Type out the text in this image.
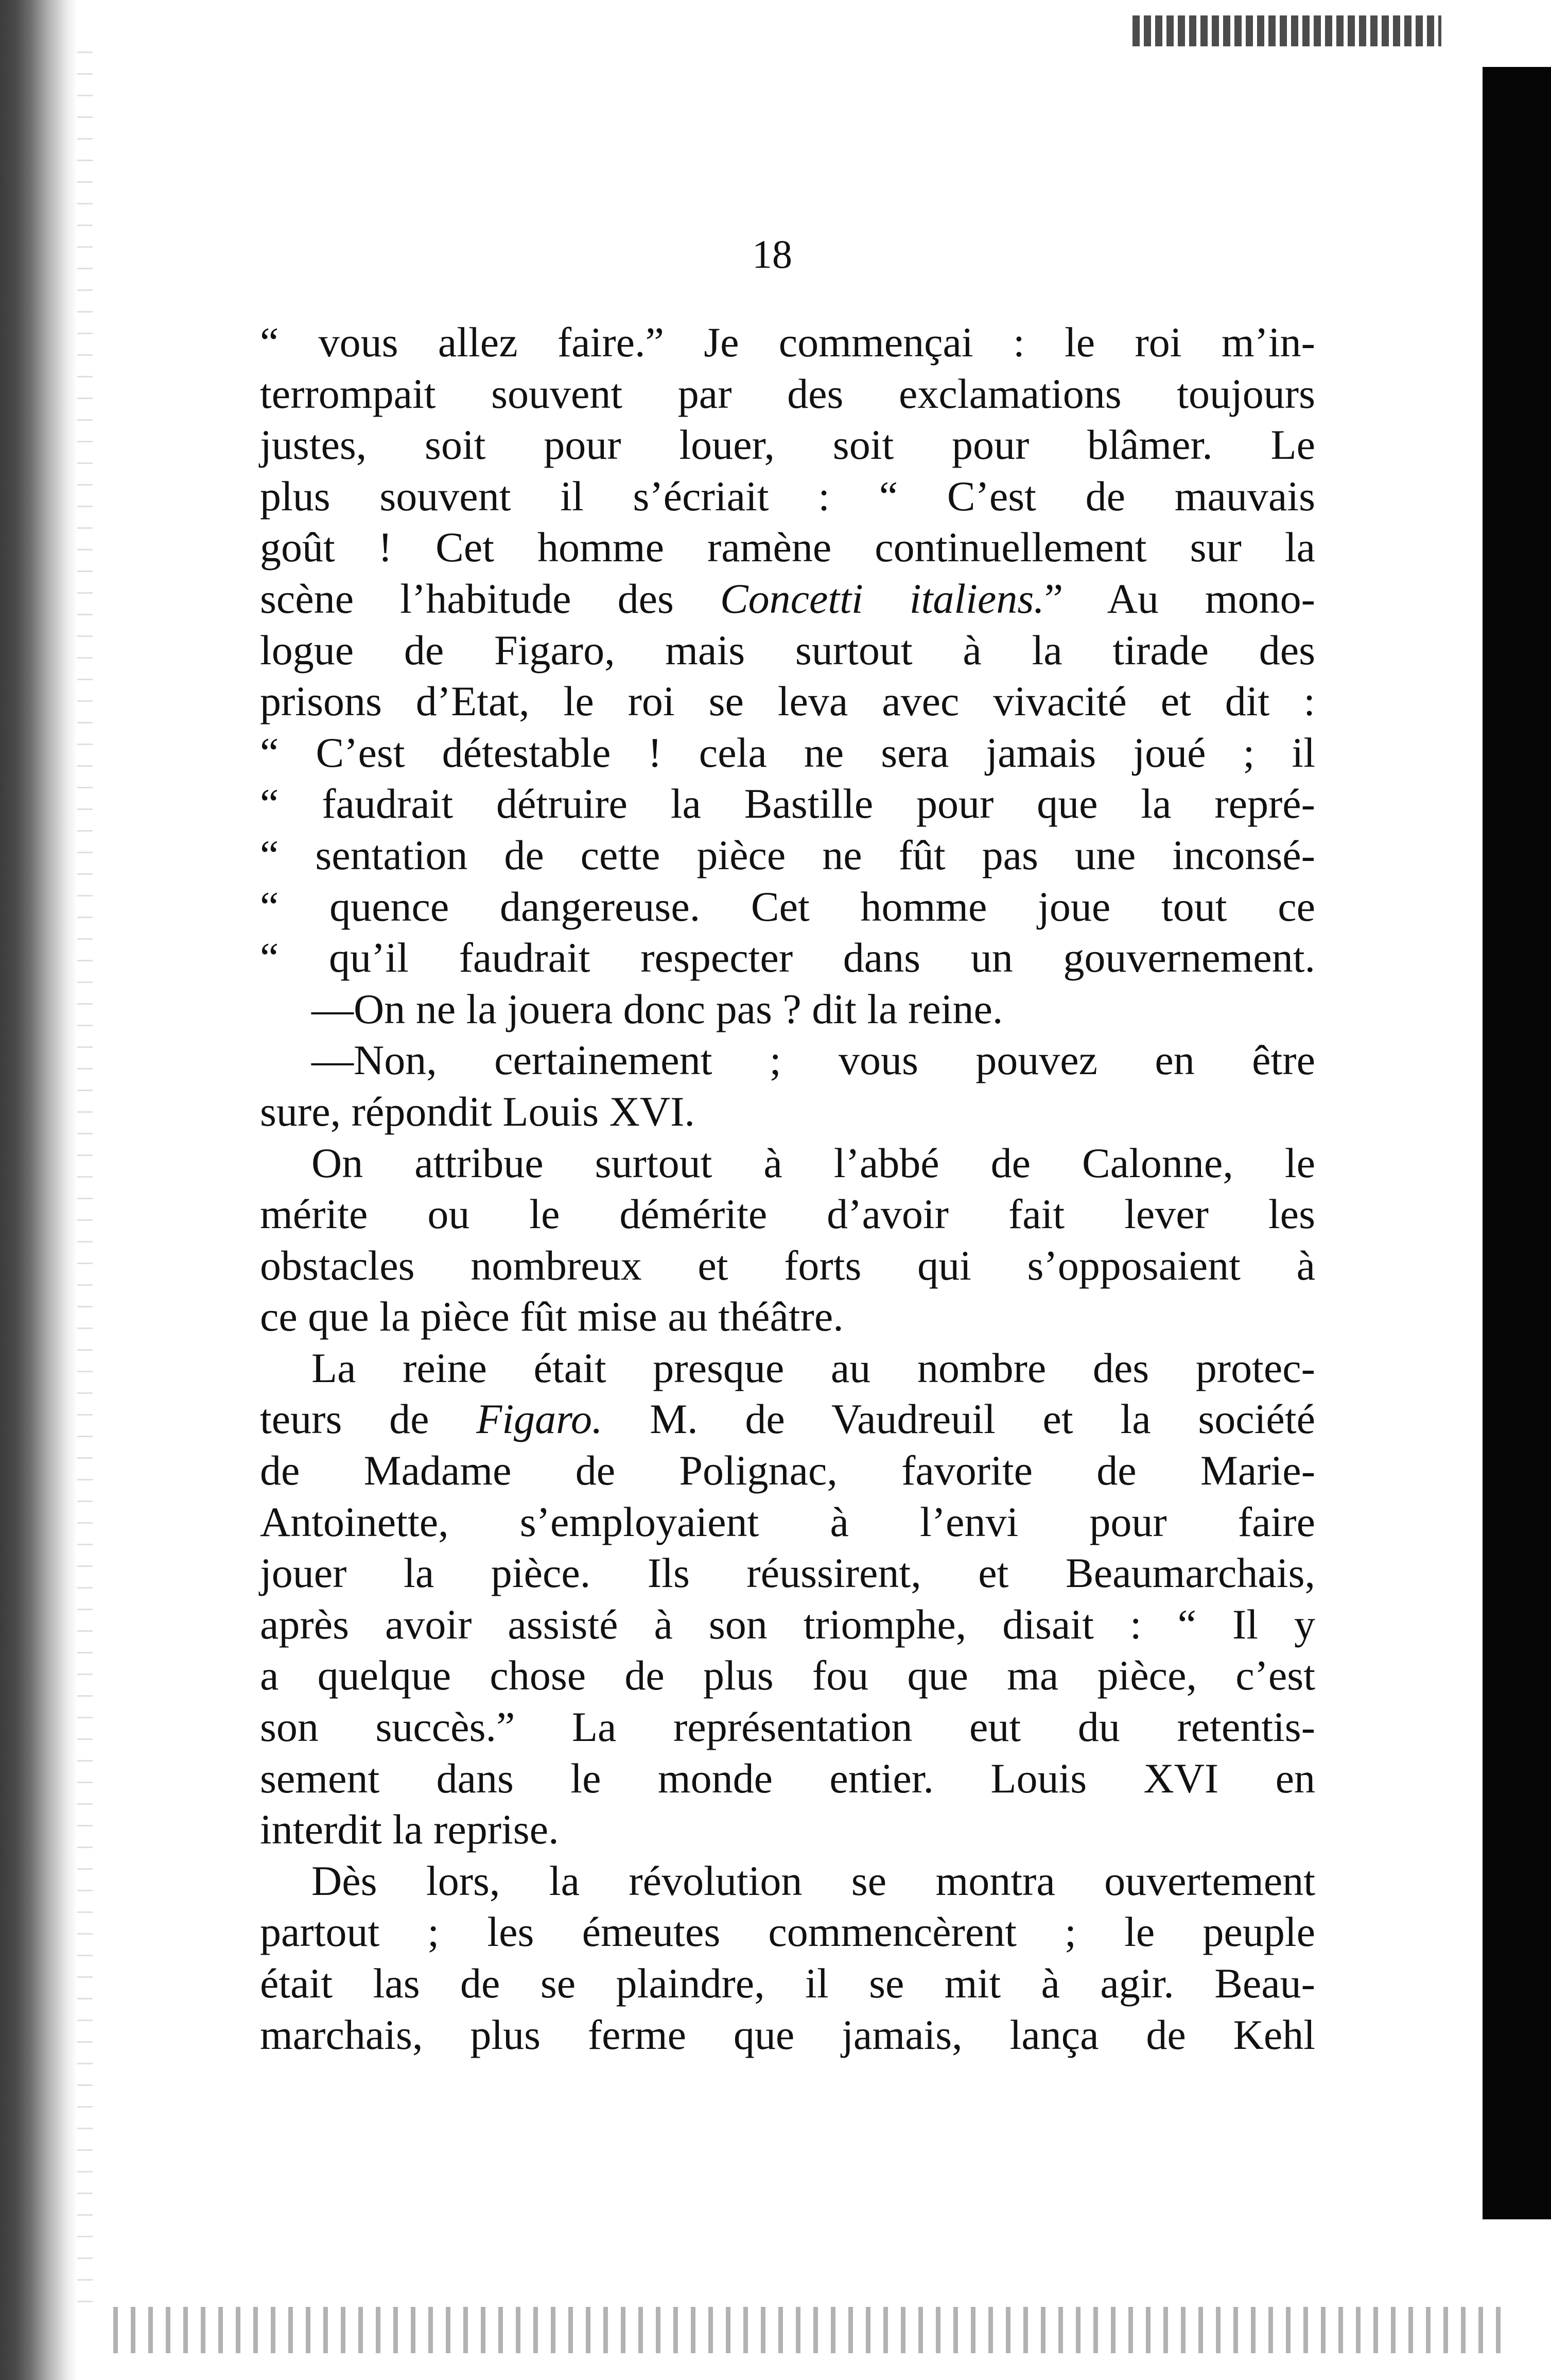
18
“ vous allez faire.” Je commençai : le roi m’in-
terrompait souvent par des exclamations toujours
justes, soit pour louer, soit pour blâmer. Le
plus souvent il s’écriait : “ C’est de mauvais
goût ! Cet homme ramène continuellement sur la
scène l’habitude des Concetti italiens.” Au mono-
logue de Figaro, mais surtout à la tirade des
prisons d’Etat, le roi se leva avec vivacité et dit :
“ C’est détestable ! cela ne sera jamais joué ; il
“ faudrait détruire la Bastille pour que la repré-
“ sentation de cette pièce ne fût pas une inconsé-
“ quence dangereuse. Cet homme joue tout ce
“ qu’il faudrait respecter dans un gouvernement.
—On ne la jouera donc pas ? dit la reine.
—Non, certainement ; vous pouvez en être
sure, répondit Louis XVI.
On attribue surtout à l’abbé de Calonne, le
mérite ou le démérite d’avoir fait lever les
obstacles nombreux et forts qui s’opposaient à
ce que la pièce fût mise au théâtre.
La reine était presque au nombre des protec-
teurs de Figaro. M. de Vaudreuil et la société
de Madame de Polignac, favorite de Marie-
Antoinette, s’employaient à l’envi pour faire
jouer la pièce. Ils réussirent, et Beaumarchais,
après avoir assisté à son triomphe, disait : “ Il y
a quelque chose de plus fou que ma pièce, c’est
son succès.” La représentation eut du retentis-
sement dans le monde entier. Louis XVI en
interdit la reprise.
Dès lors, la révolution se montra ouvertement
partout ; les émeutes commencèrent ; le peuple
était las de se plaindre, il se mit à agir. Beau-
marchais, plus ferme que jamais, lança de Kehl
